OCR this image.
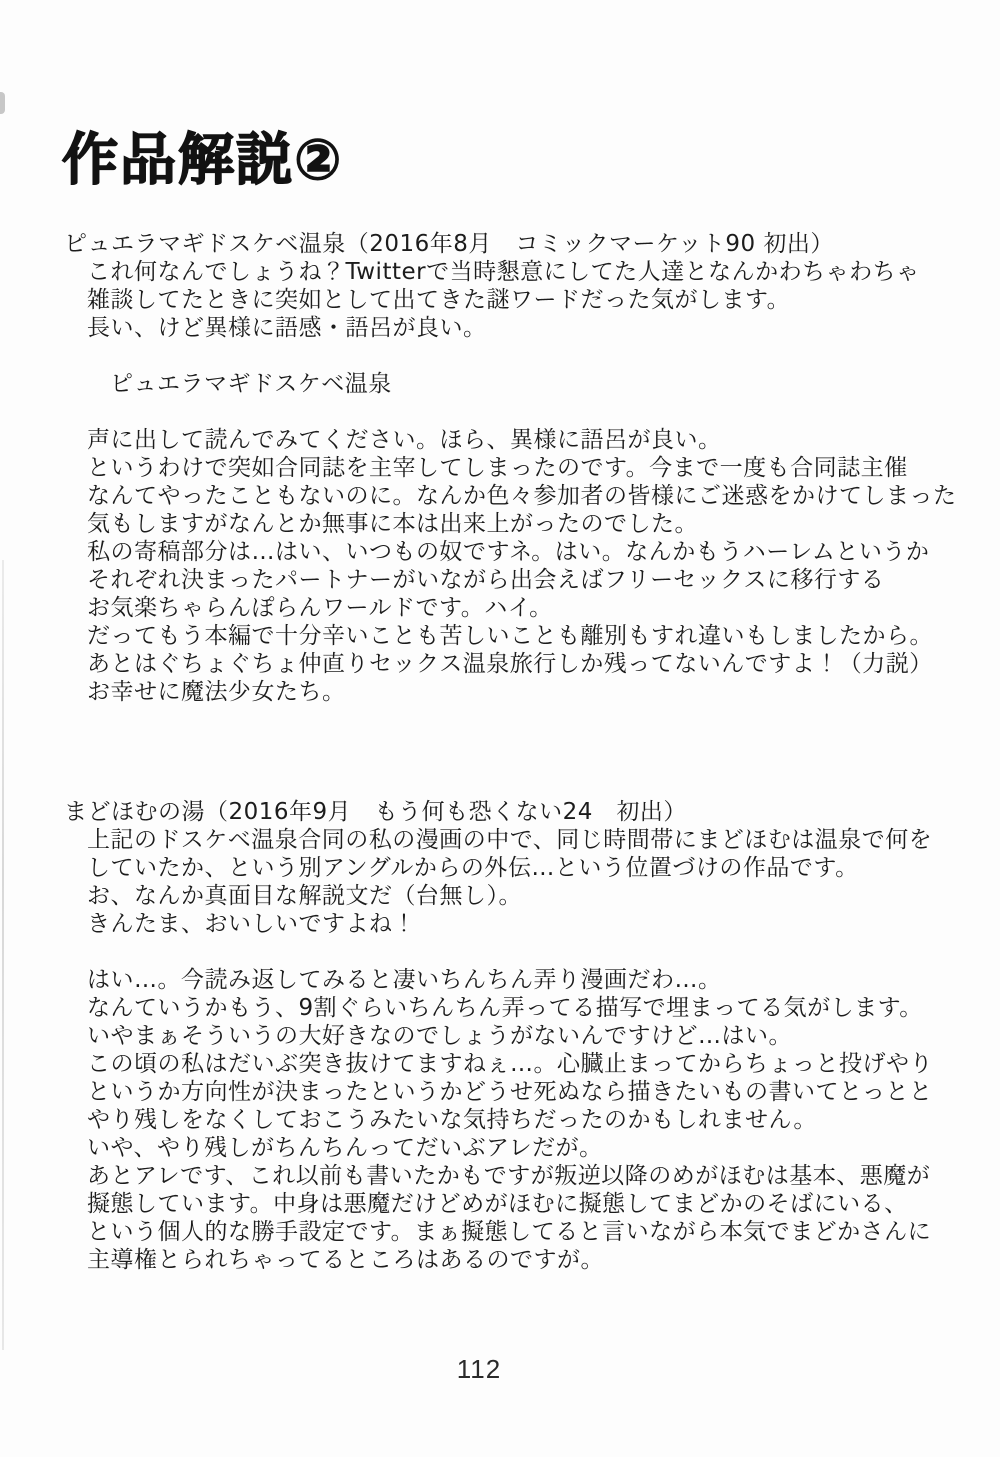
作品解説②
ピュエラマギドスケベ温泉（2016年8月　コミックマーケット90 初出）
これ何なんでしょうね？Twitterで当時懇意にしてた人達となんかわちゃわちゃ
雑談してたときに突如として出てきた謎ワードだった気がします。
長い、けど異様に語感・語呂が良い。

ピュエラマギドスケベ温泉

声に出して読んでみてください。ほら、異様に語呂が良い。
というわけで突如合同誌を主宰してしまったのです。今まで一度も合同誌主催
なんてやったこともないのに。なんか色々参加者の皆様にご迷惑をかけてしまった
気もしますがなんとか無事に本は出来上がったのでした。
私の寄稿部分は…はい、いつもの奴ですネ。はい。なんかもうハーレムというか
それぞれ決まったパートナーがいながら出会えばフリーセックスに移行する
お気楽ちゃらんぽらんワールドです。ハイ。
だってもう本編で十分辛いことも苦しいことも離別もすれ違いもしましたから。
あとはぐちょぐちょ仲直りセックス温泉旅行しか残ってないんですよ！（力説）
お幸せに魔法少女たち。
まどほむの湯（2016年9月　もう何も恐くない24　初出）
上記のドスケベ温泉合同の私の漫画の中で、同じ時間帯にまどほむは温泉で何を
していたか、という別アングルからの外伝…という位置づけの作品です。
お、なんか真面目な解説文だ（台無し）。
きんたま、おいしいですよね！

はい…。今読み返してみると凄いちんちん弄り漫画だわ…。
なんていうかもう、9割ぐらいちんちん弄ってる描写で埋まってる気がします。
いやまぁそういうの大好きなのでしょうがないんですけど…はい。
この頃の私はだいぶ突き抜けてますねぇ…。心臓止まってからちょっと投げやり
というか方向性が決まったというかどうせ死ぬなら描きたいもの書いてとっとと
やり残しをなくしておこうみたいな気持ちだったのかもしれません。
いや、やり残しがちんちんってだいぶアレだが。
あとアレです、これ以前も書いたかもですが叛逆以降のめがほむは基本、悪魔が
擬態しています。中身は悪魔だけどめがほむに擬態してまどかのそばにいる、
という個人的な勝手設定です。まぁ擬態してると言いながら本気でまどかさんに
主導権とられちゃってるところはあるのですが。
112
